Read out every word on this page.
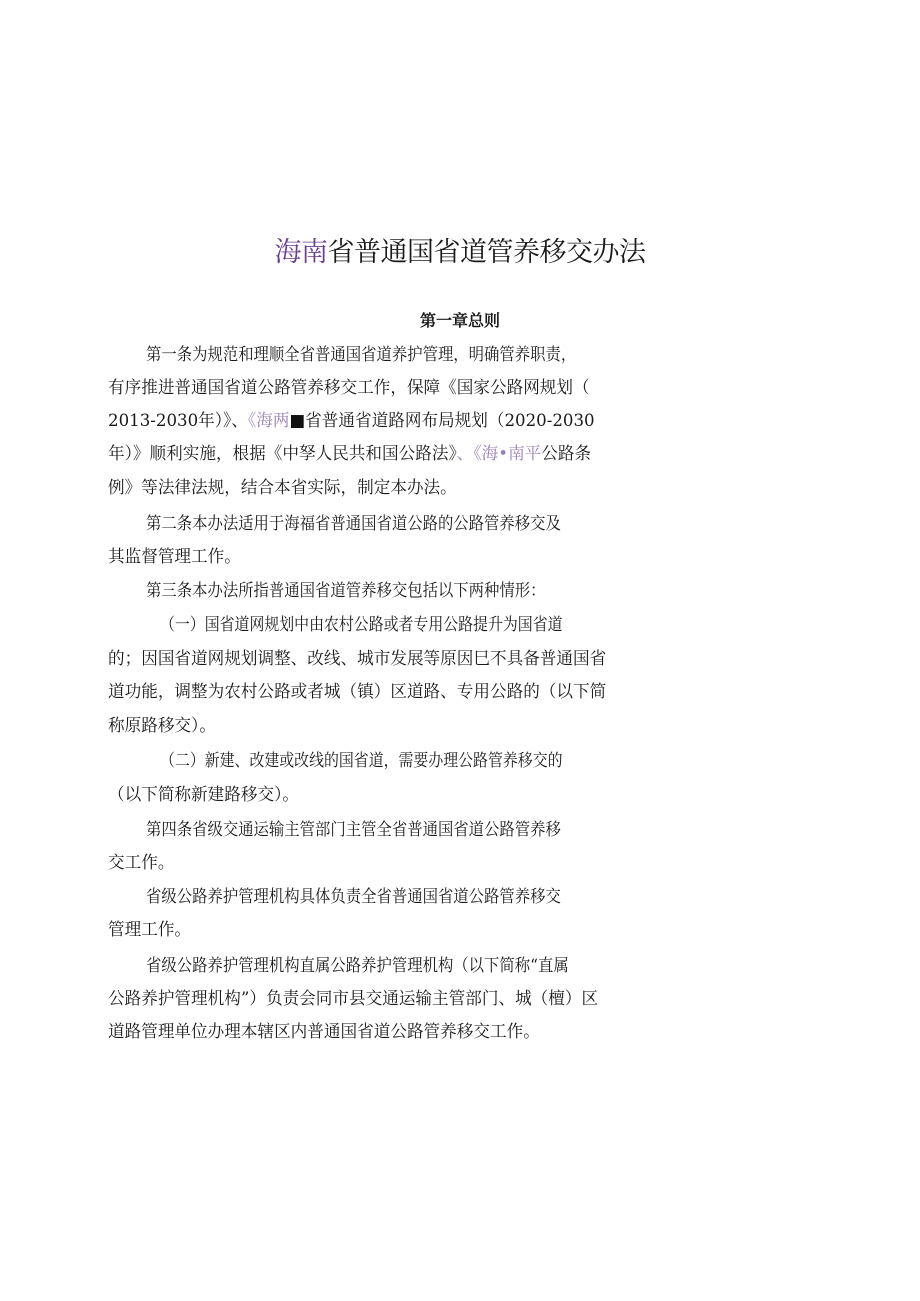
海南省普通国省道管养移交办法
第一章总则
第一条为规范和理顺全省普通国省道养护管理，明确管养职责，
有序推进普通国省道公路管养移交工作，保障《国家公路网规划（
2013-2030年）》、《海两■省普通省道路网布局规划（2020-2030
年）》顺利实施，根据《中孥人民共和国公路法》、《海•南平公路条
例》等法律法规，结合本省实际，制定本办法。
第二条本办法适用于海福省普通国省道公路的公路管养移交及
其监督管理工作。
第三条本办法所指普通国省道管养移交包括以下两种情形：
（一）国省道网规划中由农村公路或者专用公路提升为国省道
的；因国省道网规划调整、改线、城市发展等原因巳不具备普通国省
道功能，调整为农村公路或者城（镇）区道路、专用公路的（以下简
称原路移交）。
（二）新建、改建或改线的国省道，需要办理公路管养移交的
（以下简称新建路移交）。
第四条省级交通运输主管部门主管全省普通国省道公路管养移
交工作。
省级公路养护管理机构具体负责全省普通国省道公路管养移交
管理工作。
省级公路养护管理机构直属公路养护管理机构（以下简称“直属
公路养护管理机构”）负责会同市县交通运输主管部门、城（檀）区
道路管理单位办理本辖区内普通国省道公路管养移交工作。
